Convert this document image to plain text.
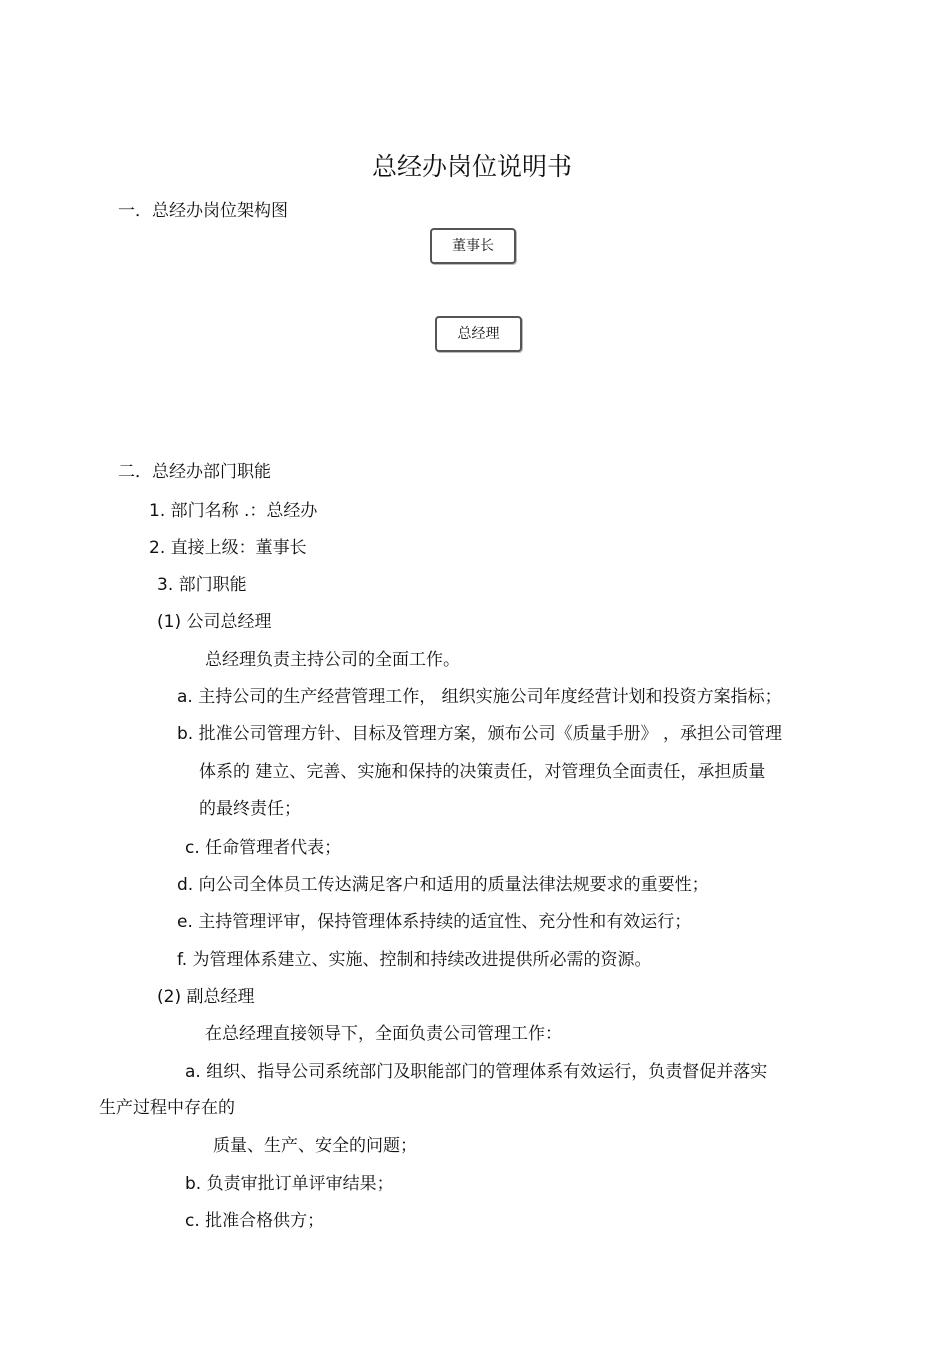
总经办岗位说明书
一．总经办岗位架构图
董事长
总经理
二．总经办部门职能
1. 部门名称 .：总经办
2. 直接上级：董事长
3. 部门职能
(1) 公司总经理
总经理负责主持公司的全面工作。
a. 主持公司的生产经营管理工作， 组织实施公司年度经营计划和投资方案指标；
b. 批准公司管理方针、目标及管理方案，颁布公司《质量手册》 ，承担公司管理
体系的 建立、完善、实施和保持的决策责任，对管理负全面责任，承担质量
的最终责任；
c. 任命管理者代表；
d. 向公司全体员工传达满足客户和适用的质量法律法规要求的重要性；
e. 主持管理评审，保持管理体系持续的适宜性、充分性和有效运行；
f. 为管理体系建立、实施、控制和持续改进提供所必需的资源。
(2) 副总经理
在总经理直接领导下，全面负责公司管理工作：
a. 组织、指导公司系统部门及职能部门的管理体系有效运行，负责督促并落实
生产过程中存在的
质量、生产、安全的问题；
b. 负责审批订单评审结果；
c. 批准合格供方；
